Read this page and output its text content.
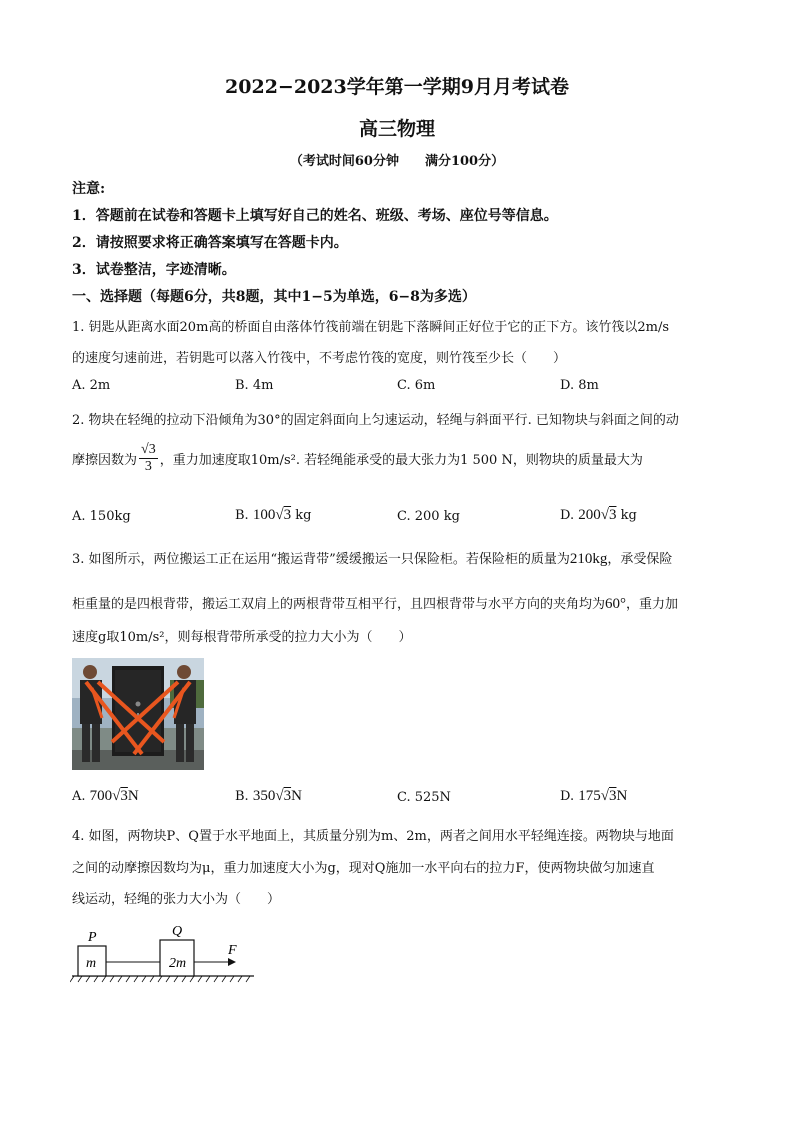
2022−2023学年第一学期9月月考试卷
高三物理
（考试时间60分钟　　满分100分）
注意:
1．答题前在试卷和答题卡上填写好自己的姓名、班级、考场、座位号等信息。
2．请按照要求将正确答案填写在答题卡内。
3．试卷整洁，字迹清晰。
一、选择题（每题6分，共8题，其中1−5为单选，6−8为多选）
1. 钥匙从距离水面20m高的桥面自由落体竹筏前端在钥匙下落瞬间正好位于它的正下方。该竹筏以2m/s
的速度匀速前进，若钥匙可以落入竹筏中，不考虑竹筏的宽度，则竹筏至少长（　　）
A. 2m	B. 4m	C. 6m	D. 8m
2. 物块在轻绳的拉动下沿倾角为30°的固定斜面向上匀速运动，轻绳与斜面平行. 已知物块与斜面之间的动
摩擦因数为 $\frac{√3}{3}$ ，重力加速度取10m/s². 若轻绳能承受的最大张力为1 500 N，则物块的质量最大为
A. 150kg	B. 100√3 kg	C. 200 kg	D. 200√3 kg
3. 如图所示，两位搬运工正在运用“搬运背带”缓缓搬运一只保险柜。若保险柜的质量为210kg，承受保险
柜重量的是四根背带，搬运工双肩上的两根背带互相平行，且四根背带与水平方向的夹角均为60°，重力加
速度g取10m/s²，则每根背带所承受的拉力大小为（　　）
A. 700√3N	B. 350√3N	C. 525N	D. 175√3N
4. 如图，两物块P、Q置于水平地面上，其质量分别为m、2m，两者之间用水平轻绳连接。两物块与地面
之间的动摩擦因数均为μ，重力加速度大小为g，现对Q施加一水平向右的拉力F，使两物块做匀加速直
线运动，轻绳的张力大小为（　　）
P
m
Q
2m
F
